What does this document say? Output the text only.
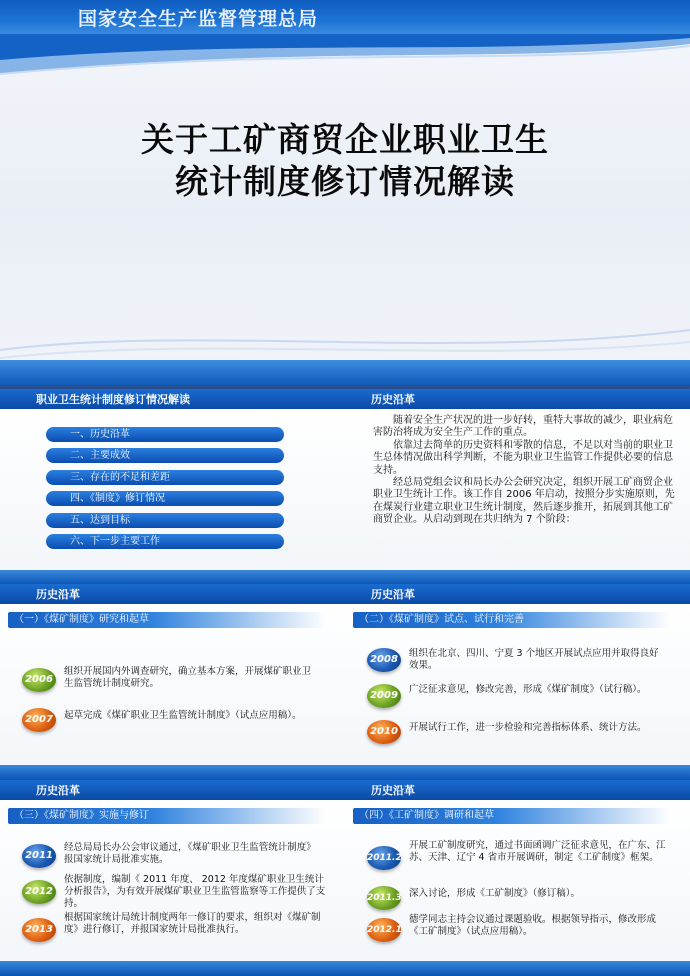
国家安全生产监督管理总局
关于工矿商贸企业职业卫生
统计制度修订情况解读
职业卫生统计制度修订情况解读
一、历史沿革
二、主要成效
三、存在的不足和差距
四、《制度》修订情况
五、达到目标
六、下一步主要工作
历史沿革

随着安全生产状况的进一步好转，重特大事故的减少，职业病危害防治将成为安全生产工作的重点。

依靠过去简单的历史资料和零散的信息，不足以对当前的职业卫生总体情况做出科学判断，不能为职业卫生监管工作提供必要的信息支持。

经总局党组会议和局长办公会研究决定，组织开展工矿商贸企业职业卫生统计工作。该工作自 2006 年启动，按照分步实施原则，先在煤炭行业建立职业卫生统计制度，然后逐步推开，拓展到其他工矿商贸企业。从启动到现在共归纳为 7 个阶段：

历史沿革
（一）《煤矿制度》研究和起草
2006
组织开展国内外调查研究，确立基本方案，开展煤矿职业卫生监管统计制度研究。
2007	起草完成《煤矿职业卫生监管统计制度》（试点应用稿）。
历史沿革
（二）《煤矿制度》试点、试行和完善
2008
组织在北京、四川、宁夏 3 个地区开展试点应用并取得良好效果。
2009
广泛征求意见，修改完善，形成《煤矿制度》（试行稿）。
2010	开展试行工作，进一步检验和完善指标体系、统计方法。
历史沿革
（三）《煤矿制度》实施与修订
2011
经总局局长办公会审议通过，《煤矿职业卫生监管统计制度》报国家统计局批准实施。
2012
依据制度，编制《 2011 年度、 2012 年度煤矿职业卫生统计分析报告》，为有效开展煤矿职业卫生监管监察等工作提供了支持。
2013
根据国家统计局统计制度两年一修订的要求，组织对《煤矿制度》进行修订，并报国家统计局批准执行。
历史沿革
（四）《工矿制度》调研和起草
2011.2
开展工矿制度研究，通过书面函调广泛征求意见，在广东、江苏、天津、辽宁 4 省市开展调研，制定《工矿制度》框架。
2011.3 深入讨论，形成《工矿制度》（修订稿）。
2012.1
德学同志主持会议通过课题验收。根据领导指示，修改形成《工矿制度》（试点应用稿）。
